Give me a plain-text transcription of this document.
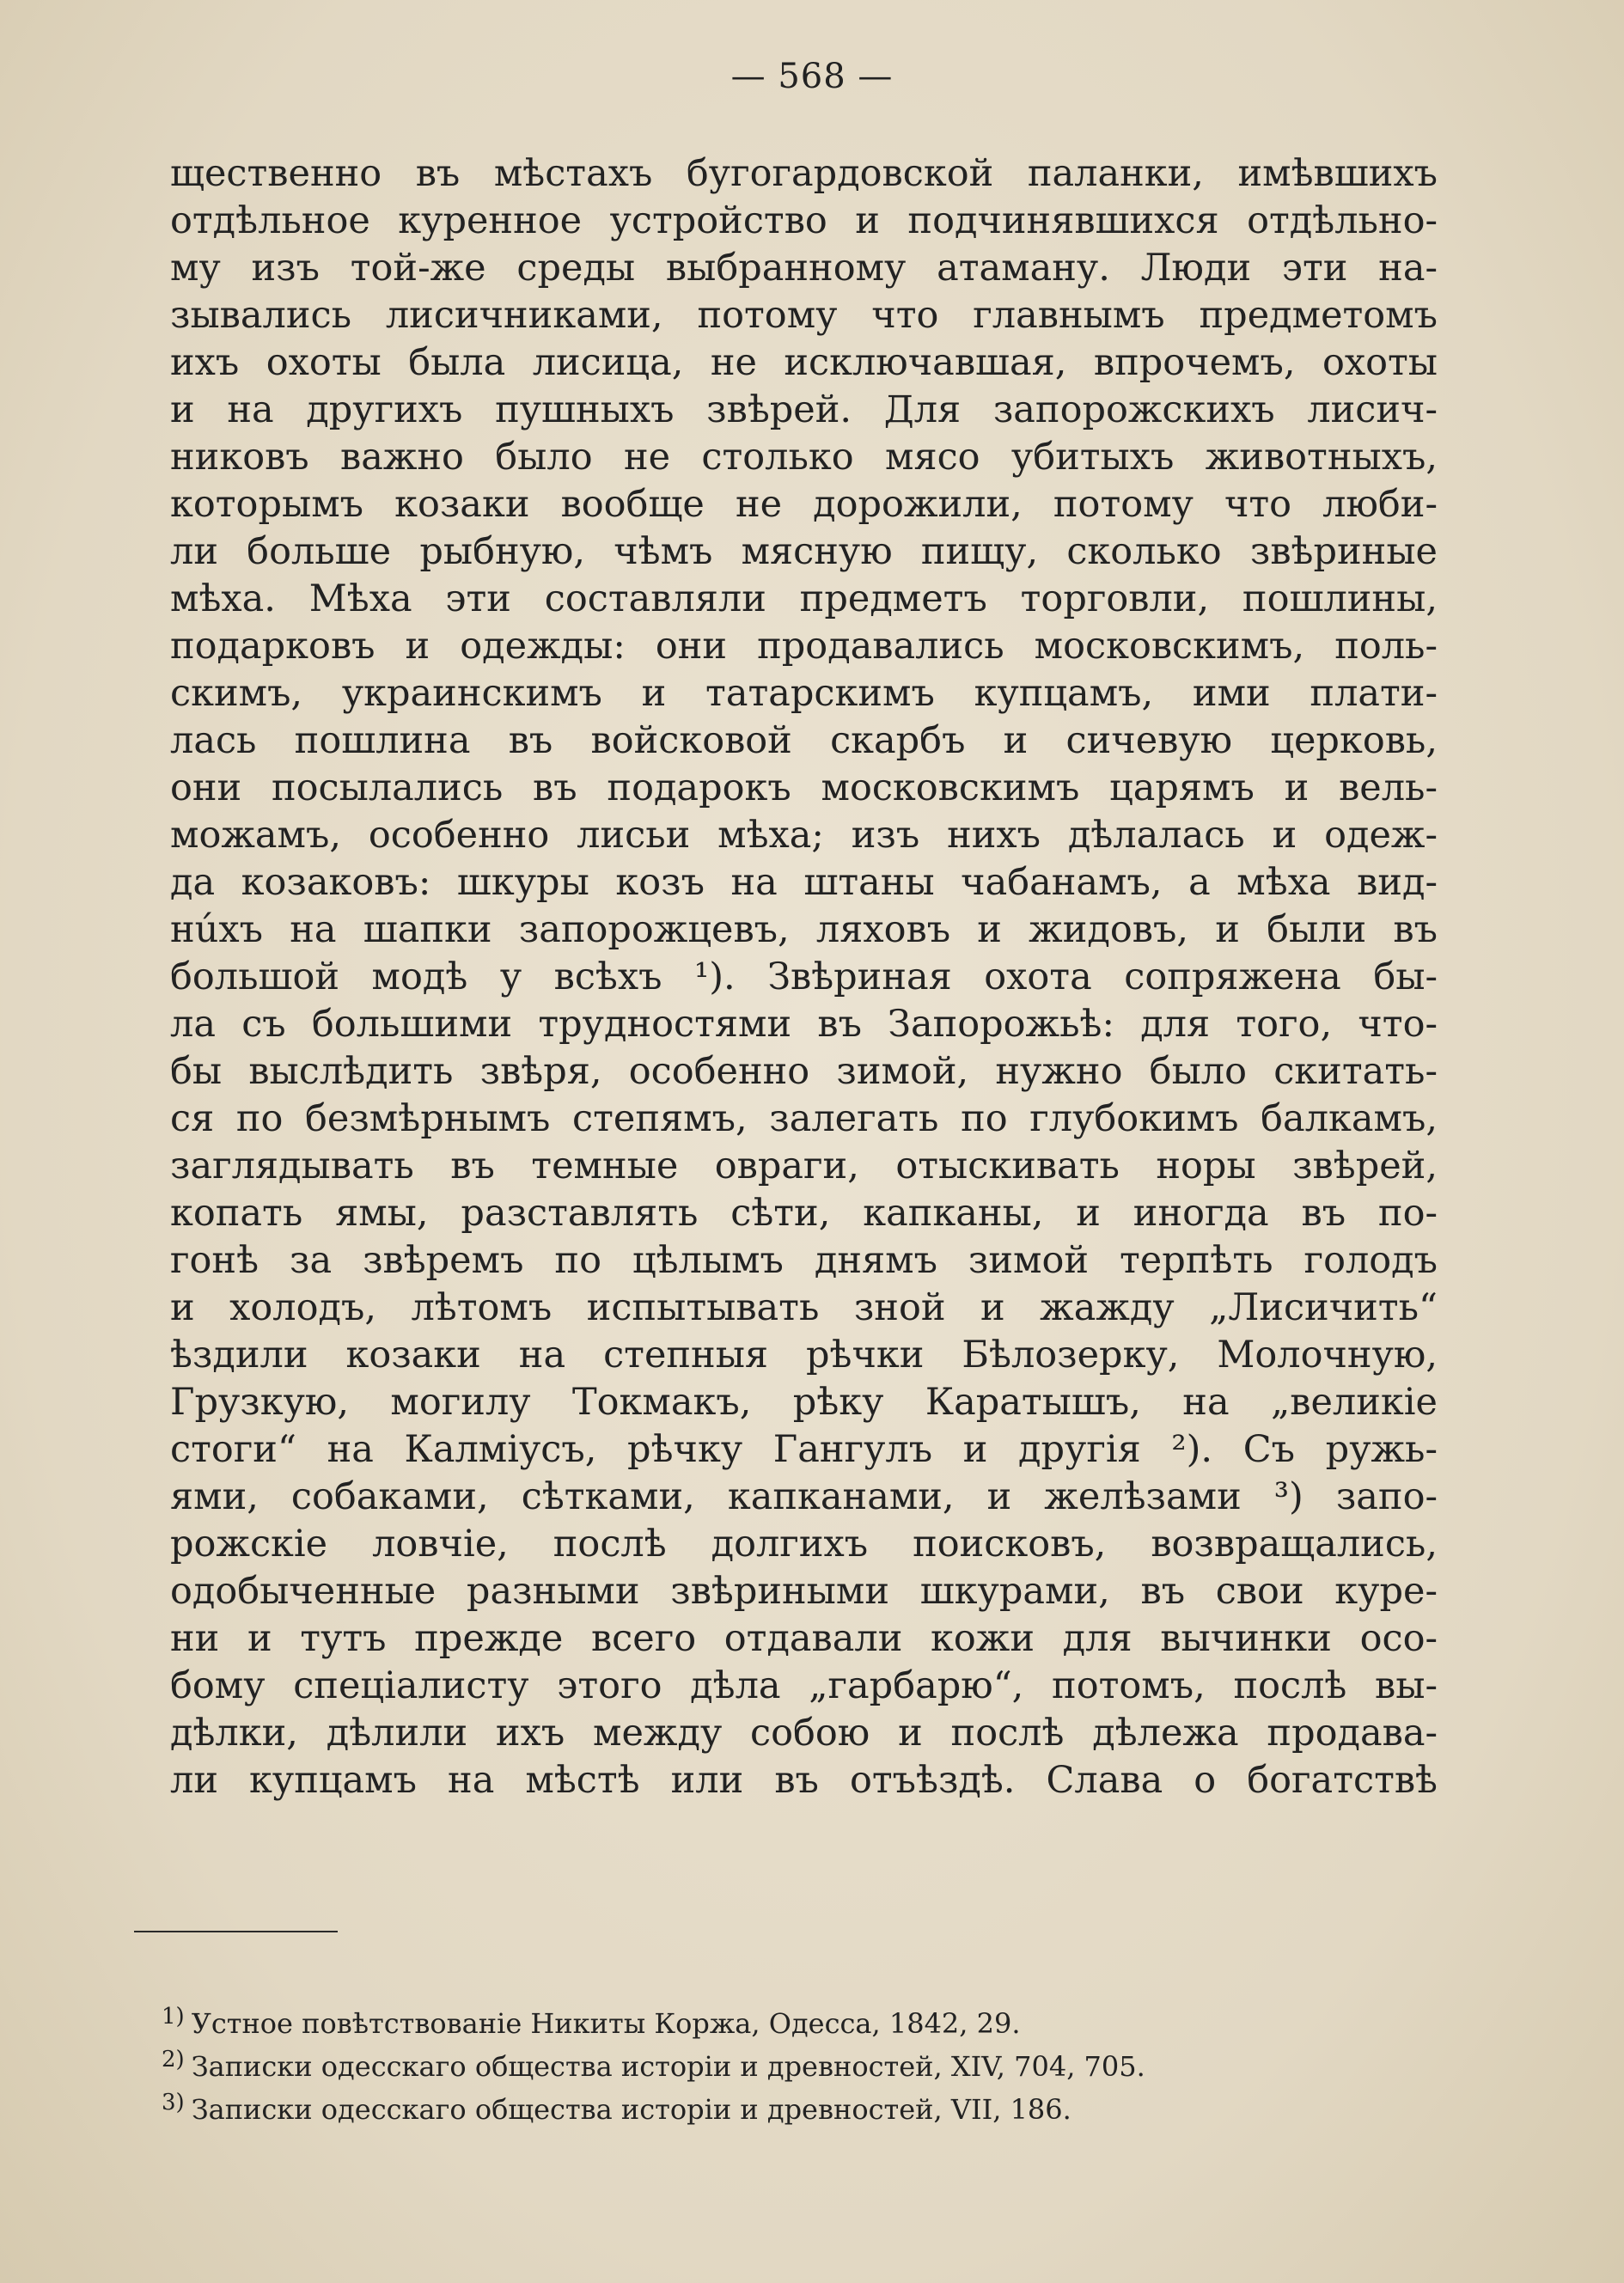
— 568 —
щественно въ мѣстахъ бугогардовской паланки, имѣвшихъ
отдѣльное куренное устройство и подчинявшихся отдѣльно-
му изъ той-же среды выбранному атаману. Люди эти на-
зывались лисичниками, потому что главнымъ предметомъ
ихъ охоты была лисица, не исключавшая, впрочемъ, охоты
и на другихъ пушныхъ звѣрей. Для запорожскихъ лисич-
никовъ важно было не столько мясо убитыхъ животныхъ,
которымъ козаки вообще не дорожили, потому что люби-
ли больше рыбную, чѣмъ мясную пищу, сколько звѣриные
мѣха. Мѣха эти составляли предметъ торговли, пошлины,
подарковъ и одежды: они продавались московскимъ, поль-
скимъ, украинскимъ и татарскимъ купцамъ, ими плати-
лась пошлина въ войсковой скарбъ и сичевую церковь,
они посылались въ подарокъ московскимъ царямъ и вель-
можамъ, особенно лисьи мѣха; изъ нихъ дѣлалась и одеж-
да козаковъ: шкуры козъ на штаны чабанамъ, а мѣха вид-
нúхъ на шапки запорожцевъ, ляховъ и жидовъ, и были въ
большой модѣ у всѣхъ ¹). Звѣриная охота сопряжена бы-
ла съ большими трудностями въ Запорожьѣ: для того, что-
бы выслѣдить звѣря, особенно зимой, нужно было скитать-
ся по безмѣрнымъ степямъ, залегать по глубокимъ балкамъ,
заглядывать въ темные овраги, отыскивать норы звѣрей,
копать ямы, разставлять сѣти, капканы, и иногда въ по-
гонѣ за звѣремъ по цѣлымъ днямъ зимой терпѣть голодъ
и холодъ, лѣтомъ испытывать зной и жажду „Лисичить“
ѣздили козаки на степныя рѣчки Бѣлозерку, Молочную,
Грузкую, могилу Токмакъ, рѣку Каратышъ, на „великіе
стоги“ на Калміусъ, рѣчку Гангулъ и другія ²). Съ ружь-
ями, собаками, сѣтками, капканами, и желѣзами ³) запо-
рожскіе ловчіе, послѣ долгихъ поисковъ, возвращались,
одобыченные разными звѣриными шкурами, въ свои куре-
ни и тутъ прежде всего отдавали кожи для вычинки осо-
бому спеціалисту этого дѣла „гарбарю“, потомъ, послѣ вы-
дѣлки, дѣлили ихъ между собою и послѣ дѣлежа продава-
ли купцамъ на мѣстѣ или въ отъѣздѣ. Слава о богатствѣ
$^{1)}$ Устное повѣтствованіе Никиты Коржа, Одесса, 1842, 29.
$^{2)}$ Записки одесскаго общества исторіи и древностей, XIV, 704, 705.
$^{3)}$ Записки одесскаго общества исторіи и древностей, VII, 186.
